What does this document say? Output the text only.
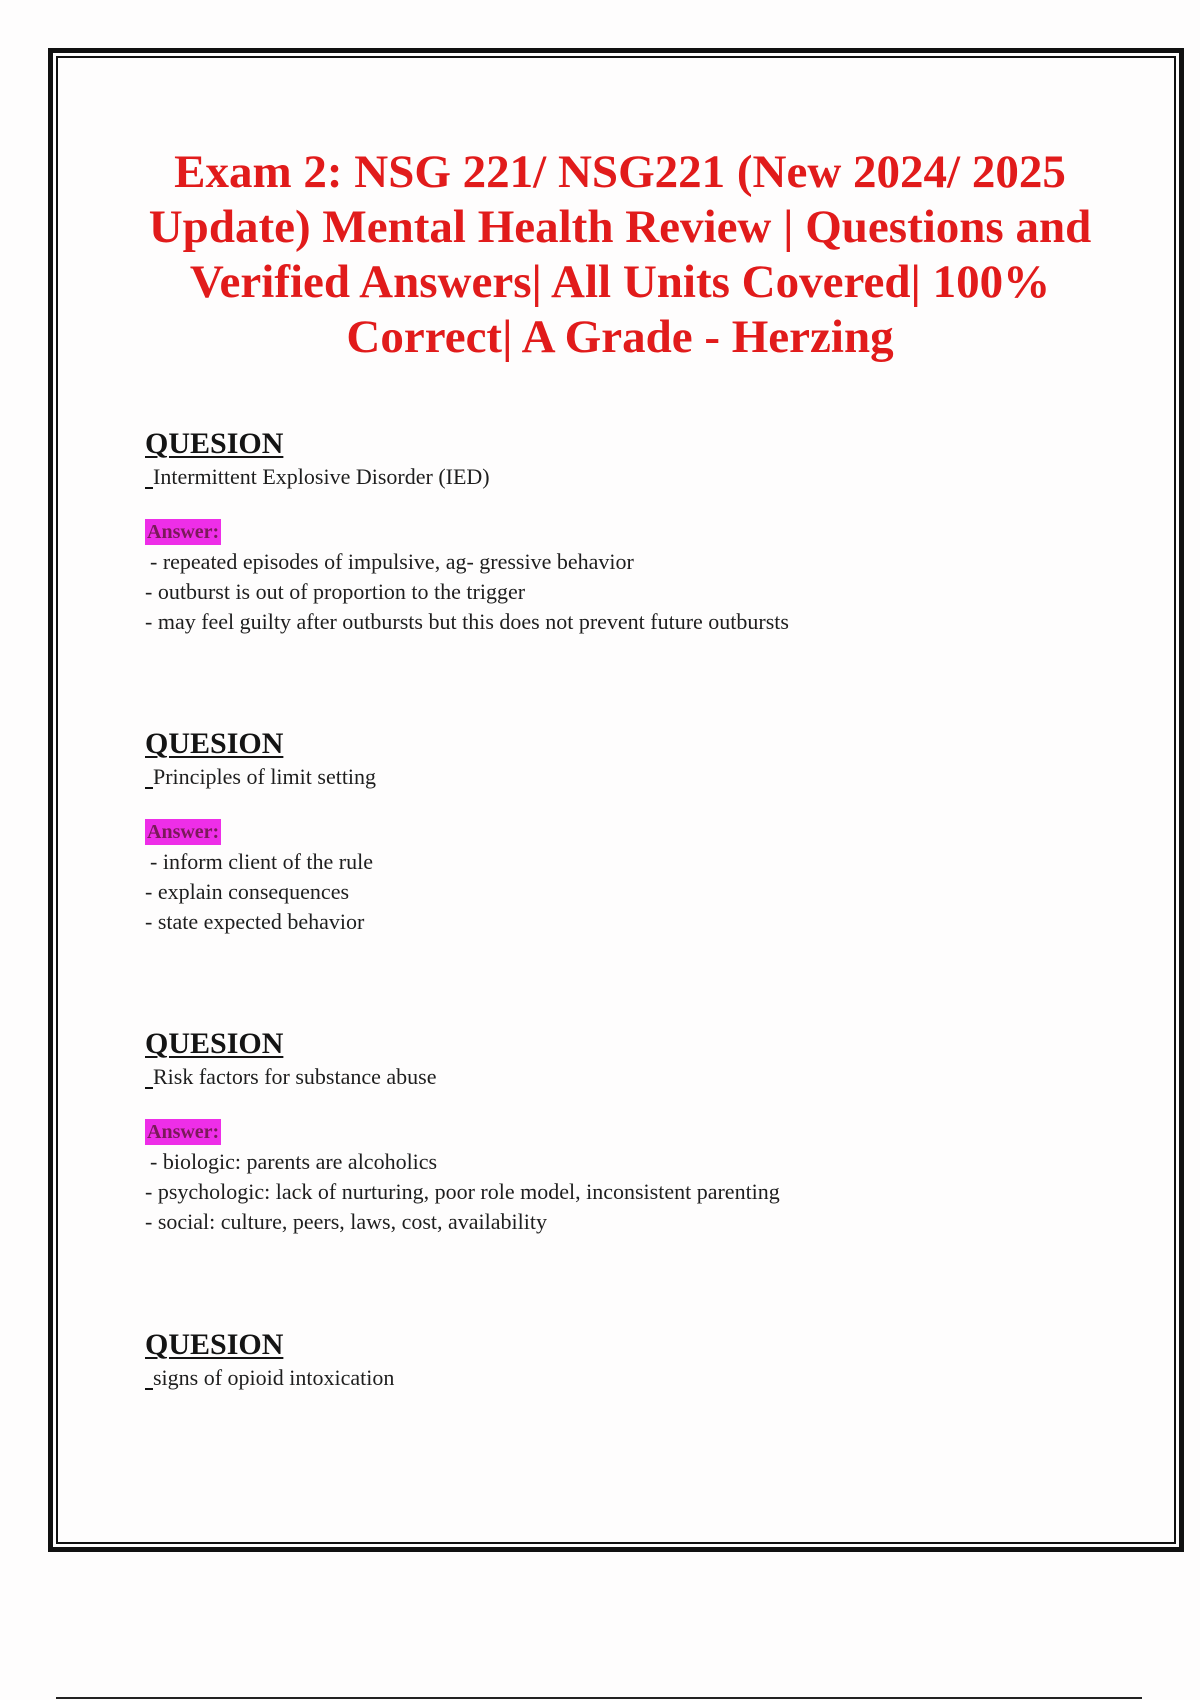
Exam 2: NSG 221/ NSG221 (New 2024/ 2025 Update) Mental Health Review | Questions and Verified Answers| All Units Covered| 100% Correct| A Grade - Herzing
QUESION
Intermittent Explosive Disorder (IED)
Answer:
- repeated episodes of impulsive, ag- gressive behavior
- outburst is out of proportion to the trigger
- may feel guilty after outbursts but this does not prevent future outbursts
QUESION
Principles of limit setting
Answer:
- inform client of the rule
- explain consequences
- state expected behavior
QUESION
Risk factors for substance abuse
Answer:
- biologic: parents are alcoholics
- psychologic: lack of nurturing, poor role model, inconsistent parenting
- social: culture, peers, laws, cost, availability
QUESION
signs of opioid intoxication
